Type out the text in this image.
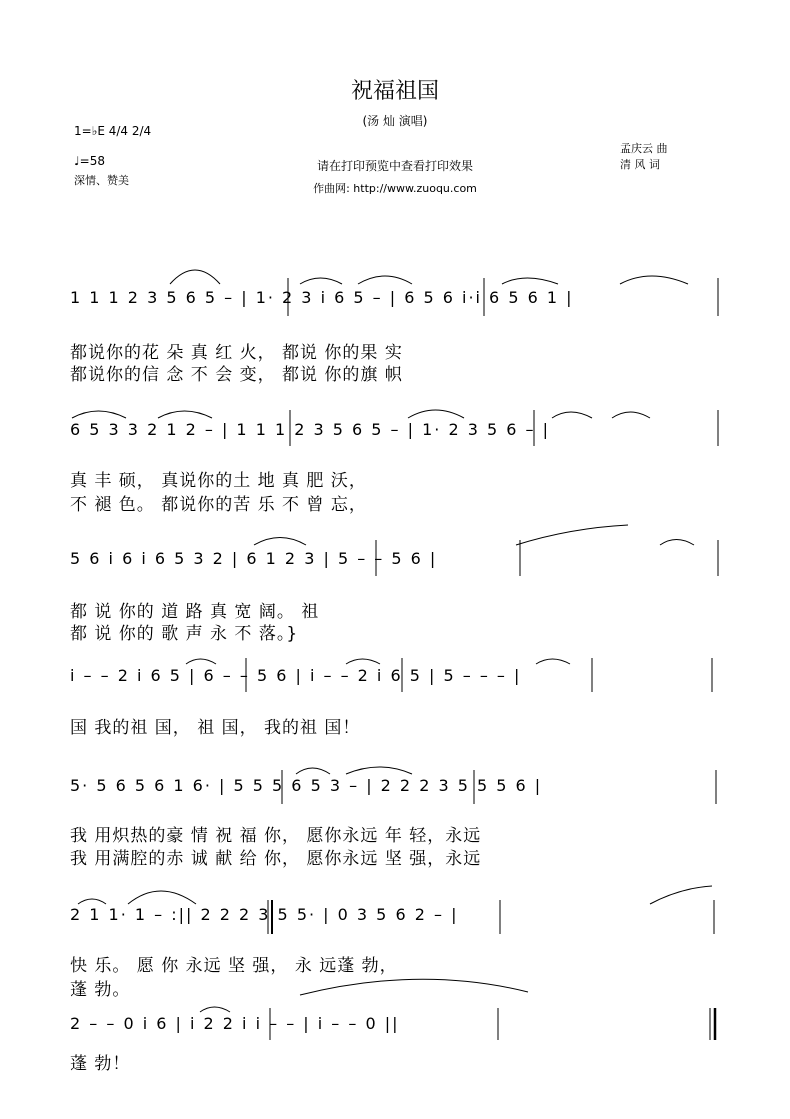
祝福祖国
(汤 灿 演唱)
1=♭E 4/4 2/4
♩=58
深情、赞美
孟庆云 曲
清 风 词
请在打印预览中查看打印效果
作曲网: http://www.zuoqu.com
1 1 1 2 3 5 6 5 – | 1· 2 3 i 6 5 – | 6 5 6 i·i 6 5 6 1 |
都说你的花 朵 真 红 火， 都说 你的果 实
都说你的信 念 不 会 变， 都说 你的旗 帜
6 5 3 3 2 1 2 – | 1 1 1 2 3 5 6 5 – | 1· 2 3 5 6 – |
真 丰 硕， 真说你的土 地 真 肥 沃，
不 褪 色。 都说你的苦 乐 不 曾 忘，
5 6 i 6 i 6 5 3 2 | 6 1 2 3 | 5 – – 5 6 |
都 说 你的 道 路 真 宽 阔。 祖
都 说 你的 歌 声 永 不 落。}
i – – 2 i 6 5 | 6 – – 5 6 | i – – 2 i 6 5 | 5 – – – |
国 我的祖 国， 祖 国， 我的祖 国！
5· 5 6 5 6 1 6· | 5 5 5 6 5 3 – | 2 2 2 3 5 5 5 6 |
我 用炽热的豪 情 祝 福 你， 愿你永远 年 轻，永远
我 用满腔的赤 诚 献 给 你， 愿你永远 坚 强，永远
2 1 1· 1 – :|| 2 2 2 3 5 5· | 0 3 5 6 2 – |
快 乐。 愿 你 永远 坚 强， 永 远蓬 勃，
蓬 勃。
2 – – 0 i 6 | i 2 2 i i – – | i – – 0 ||
蓬 勃！
